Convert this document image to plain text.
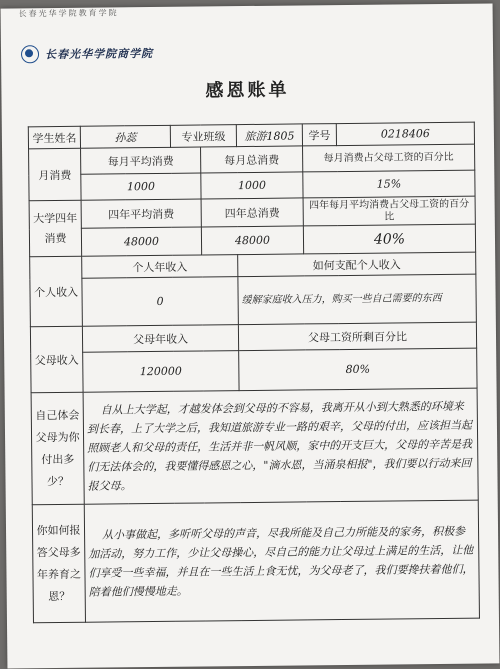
长春光华学院教育学院
长春光华学院商学院
感恩账单
学生姓名	孙蕊	专业班级		旅游1805	学号	0218406
月消费	每月平均消费		每月总消费		每月消费占父母工资的百分比	
	1000		1000		15%	
大学四年消费	四年平均消费		四年总消费		四年每月平均消费占父母工资的百分比	
	48000		48000		40%	
个人收入	个人年收入			如何支配个人收入		
	0			缓解家庭收入压力，购买一些自己需要的东西		
父母收入	父母年收入			父母工资所剩百分比		
	120000			80%		
自己体会父母为你付出多少？	自从上大学起，才越发体会到父母的不容易，我离开从小到大熟悉的环境来到长春，上了大学之后，我知道旅游专业一路的艰辛，父母的付出，应该担当起照顾老人和父母的责任，生活并非一帆风顺，家中的开支巨大，父母的辛苦是我们无法体会的，我要懂得感恩之心，"滴水恩，当涌泉相报"，我们要以行动来回报父母。					
你如何报答父母多年养育之恩？	从小事做起，多听听父母的声音，尽我所能及自己力所能及的家务，积极参加活动，努力工作，少让父母操心，尽自己的能力让父母过上满足的生活，让他们享受一些幸福，并且在一些生活上食无忧，为父母老了，我们要搀扶着他们，陪着他们慢慢地走。					
